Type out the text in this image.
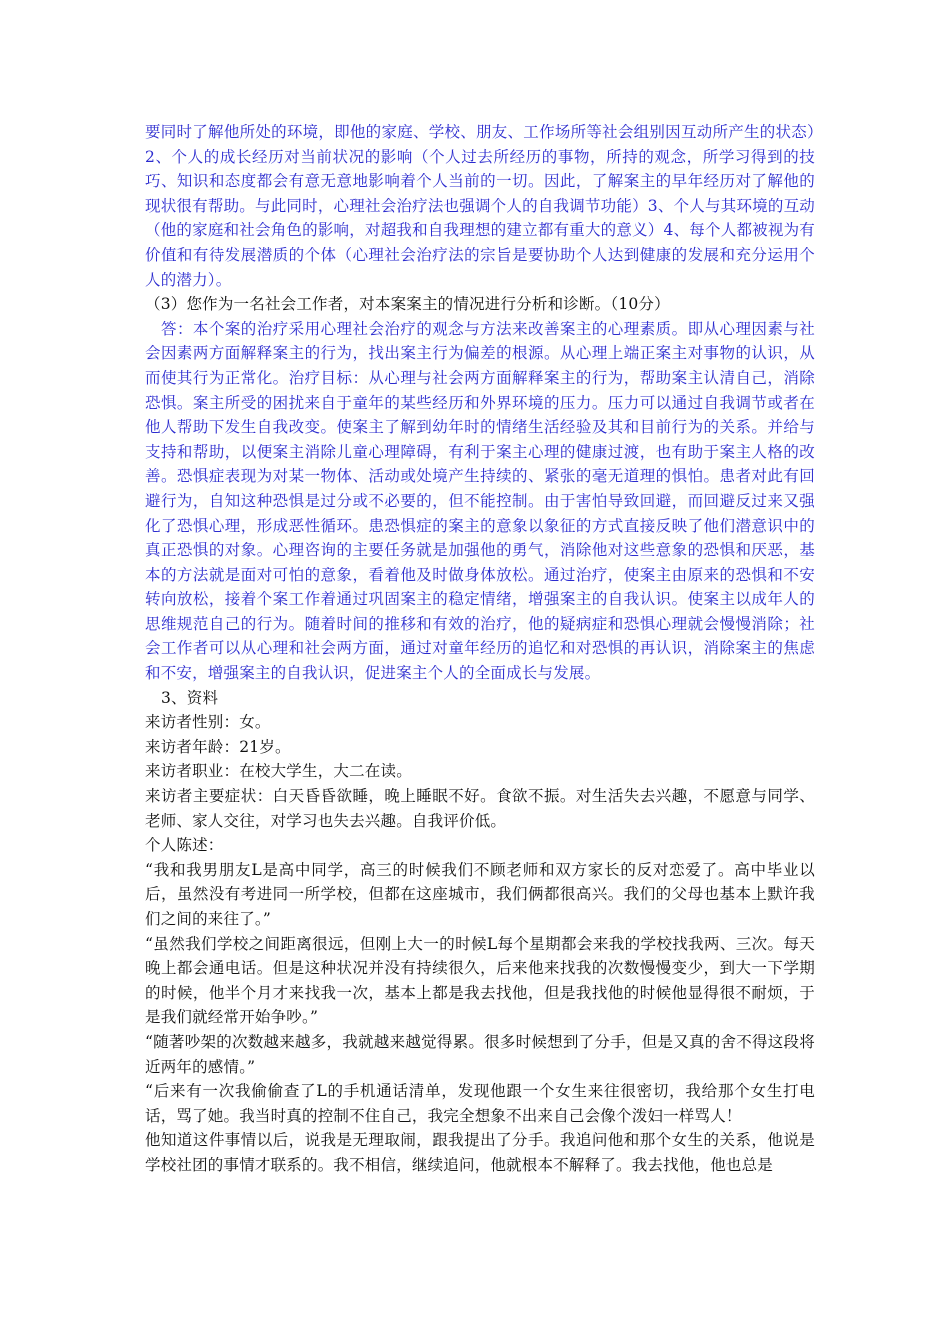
要同时了解他所处的环境，即他的家庭、学校、朋友、工作场所等社会组别因互动所产生的状态）2、个人的成长经历对当前状况的影响（个人过去所经历的事物，所持的观念，所学习得到的技巧、知识和态度都会有意无意地影响着个人当前的一切。因此，了解案主的早年经历对了解他的现状很有帮助。与此同时，心理社会治疗法也强调个人的自我调节功能）3、个人与其环境的互动（他的家庭和社会角色的影响，对超我和自我理想的建立都有重大的意义）4、每个人都被视为有价值和有待发展潜质的个体（心理社会治疗法的宗旨是要协助个人达到健康的发展和充分运用个人的潜力）。

（3）您作为一名社会工作者，对本案案主的情况进行分析和诊断。（10分）

答：本个案的治疗采用心理社会治疗的观念与方法来改善案主的心理素质。即从心理因素与社会因素两方面解释案主的行为，找出案主行为偏差的根源。从心理上端正案主对事物的认识，从而使其行为正常化。治疗目标：从心理与社会两方面解释案主的行为，帮助案主认清自己，消除恐惧。案主所受的困扰来自于童年的某些经历和外界环境的压力。压力可以通过自我调节或者在他人帮助下发生自我改变。使案主了解到幼年时的情绪生活经验及其和目前行为的关系。并给与支持和帮助，以便案主消除儿童心理障碍，有利于案主心理的健康过渡，也有助于案主人格的改善。恐惧症表现为对某一物体、活动或处境产生持续的、紧张的毫无道理的惧怕。患者对此有回避行为，自知这种恐惧是过分或不必要的，但不能控制。由于害怕导致回避，而回避反过来又强化了恐惧心理，形成恶性循环。患恐惧症的案主的意象以象征的方式直接反映了他们潜意识中的真正恐惧的对象。心理咨询的主要任务就是加强他的勇气，消除他对这些意象的恐惧和厌恶，基本的方法就是面对可怕的意象，看着他及时做身体放松。通过治疗，使案主由原来的恐惧和不安转向放松，接着个案工作着通过巩固案主的稳定情绪，增强案主的自我认识。使案主以成年人的思维规范自己的行为。随着时间的推移和有效的治疗，他的疑病症和恐惧心理就会慢慢消除；社会工作者可以从心理和社会两方面，通过对童年经历的追忆和对恐惧的再认识，消除案主的焦虑和不安，增强案主的自我认识，促进案主个人的全面成长与发展。

3、资料

来访者性别：女。

来访者年龄：21岁。

来访者职业：在校大学生，大二在读。

来访者主要症状：白天昏昏欲睡，晚上睡眠不好。食欲不振。对生活失去兴趣，不愿意与同学、老师、家人交往，对学习也失去兴趣。自我评价低。

个人陈述：

“我和我男朋友L是高中同学，高三的时候我们不顾老师和双方家长的反对恋爱了。高中毕业以后，虽然没有考进同一所学校，但都在这座城市，我们俩都很高兴。我们的父母也基本上默许我们之间的来往了。”

“虽然我们学校之间距离很远，但刚上大一的时候L每个星期都会来我的学校找我两、三次。每天晚上都会通电话。但是这种状况并没有持续很久，后来他来找我的次数慢慢变少，到大一下学期的时候，他半个月才来找我一次，基本上都是我去找他，但是我找他的时候他显得很不耐烦，于是我们就经常开始争吵。”

“随著吵架的次数越来越多，我就越来越觉得累。很多时候想到了分手，但是又真的舍不得这段将近两年的感情。”

“后来有一次我偷偷查了L的手机通话清单，发现他跟一个女生来往很密切，我给那个女生打电话，骂了她。我当时真的控制不住自己，我完全想象不出来自己会像个泼妇一样骂人！

他知道这件事情以后，说我是无理取闹，跟我提出了分手。我追问他和那个女生的关系，他说是学校社团的事情才联系的。我不相信，继续追问，他就根本不解释了。我去找他，他也总是
